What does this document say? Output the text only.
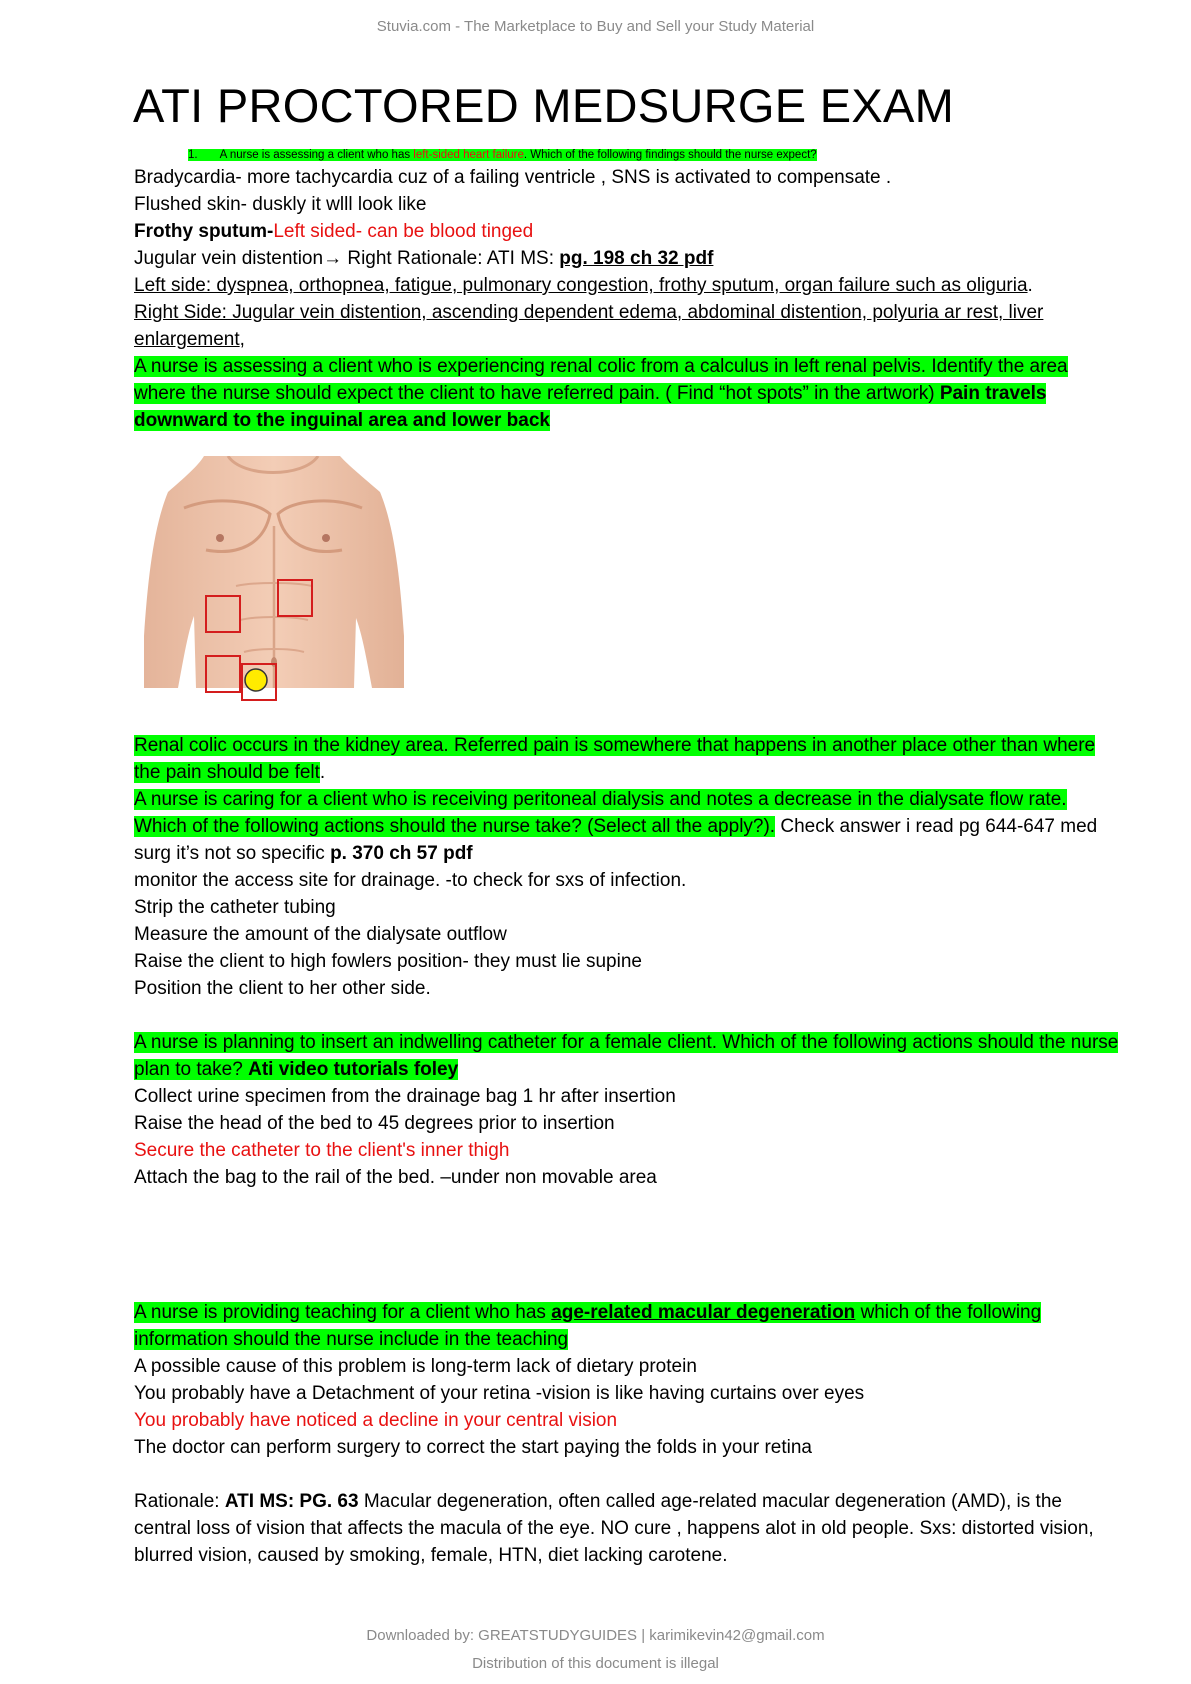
Stuvia.com - The Marketplace to Buy and Sell your Study Material
ATI PROCTORED MEDSURGE EXAM
1. A nurse is assessing a client who has left-sided heart failure. Which of the following findings should the nurse expect?
Bradycardia- more tachycardia cuz of a failing ventricle , SNS is activated to compensate .
Flushed skin- duskly it wlll look like
Frothy sputum-Left sided- can be blood tinged
Jugular vein distention→ Right Rationale: ATI MS: pg. 198 ch 32 pdf
Left side: dyspnea, orthopnea, fatigue, pulmonary congestion, frothy sputum, organ failure such as oliguria.
Right Side: Jugular vein distention, ascending dependent edema, abdominal distention, polyuria ar rest, liver enlargement,
A nurse is assessing a client who is experiencing renal colic from a calculus in left renal pelvis. Identify the area where the nurse should expect the client to have referred pain. ( Find “hot spots” in the artwork) Pain travels downward to the inguinal area and lower back
Renal colic occurs in the kidney area. Referred pain is somewhere that happens in another place other than where the pain should be felt.
A nurse is caring for a client who is receiving peritoneal dialysis and notes a decrease in the dialysate flow rate. Which of the following actions should the nurse take? (Select all the apply?). Check answer i read pg 644-647 med surg it’s not so specific p. 370 ch 57 pdf
monitor the access site for drainage. -to check for sxs of infection.
Strip the catheter tubing
Measure the amount of the dialysate outflow
Raise the client to high fowlers position- they must lie supine
Position the client to her other side.
A nurse is planning to insert an indwelling catheter for a female client. Which of the following actions should the nurse plan to take? Ati video tutorials foley
Collect urine specimen from the drainage bag 1 hr after insertion
Raise the head of the bed to 45 degrees prior to insertion
Secure the catheter to the client's inner thigh
Attach the bag to the rail of the bed. –under non movable area
A nurse is providing teaching for a client who has age-related macular degeneration which of the following information should the nurse include in the teaching
A possible cause of this problem is long-term lack of dietary protein
You probably have a Detachment of your retina -vision is like having curtains over eyes
You probably have noticed a decline in your central vision
The doctor can perform surgery to correct the start paying the folds in your retina
Rationale: ATI MS: PG. 63 Macular degeneration, often called age-related macular degeneration (AMD), is the central loss of vision that affects the macula of the eye. NO cure , happens alot in old people. Sxs: distorted vision, blurred vision, caused by smoking, female, HTN, diet lacking carotene.
Downloaded by: GREATSTUDYGUIDES | karimikevin42@gmail.com
Distribution of this document is illegal
